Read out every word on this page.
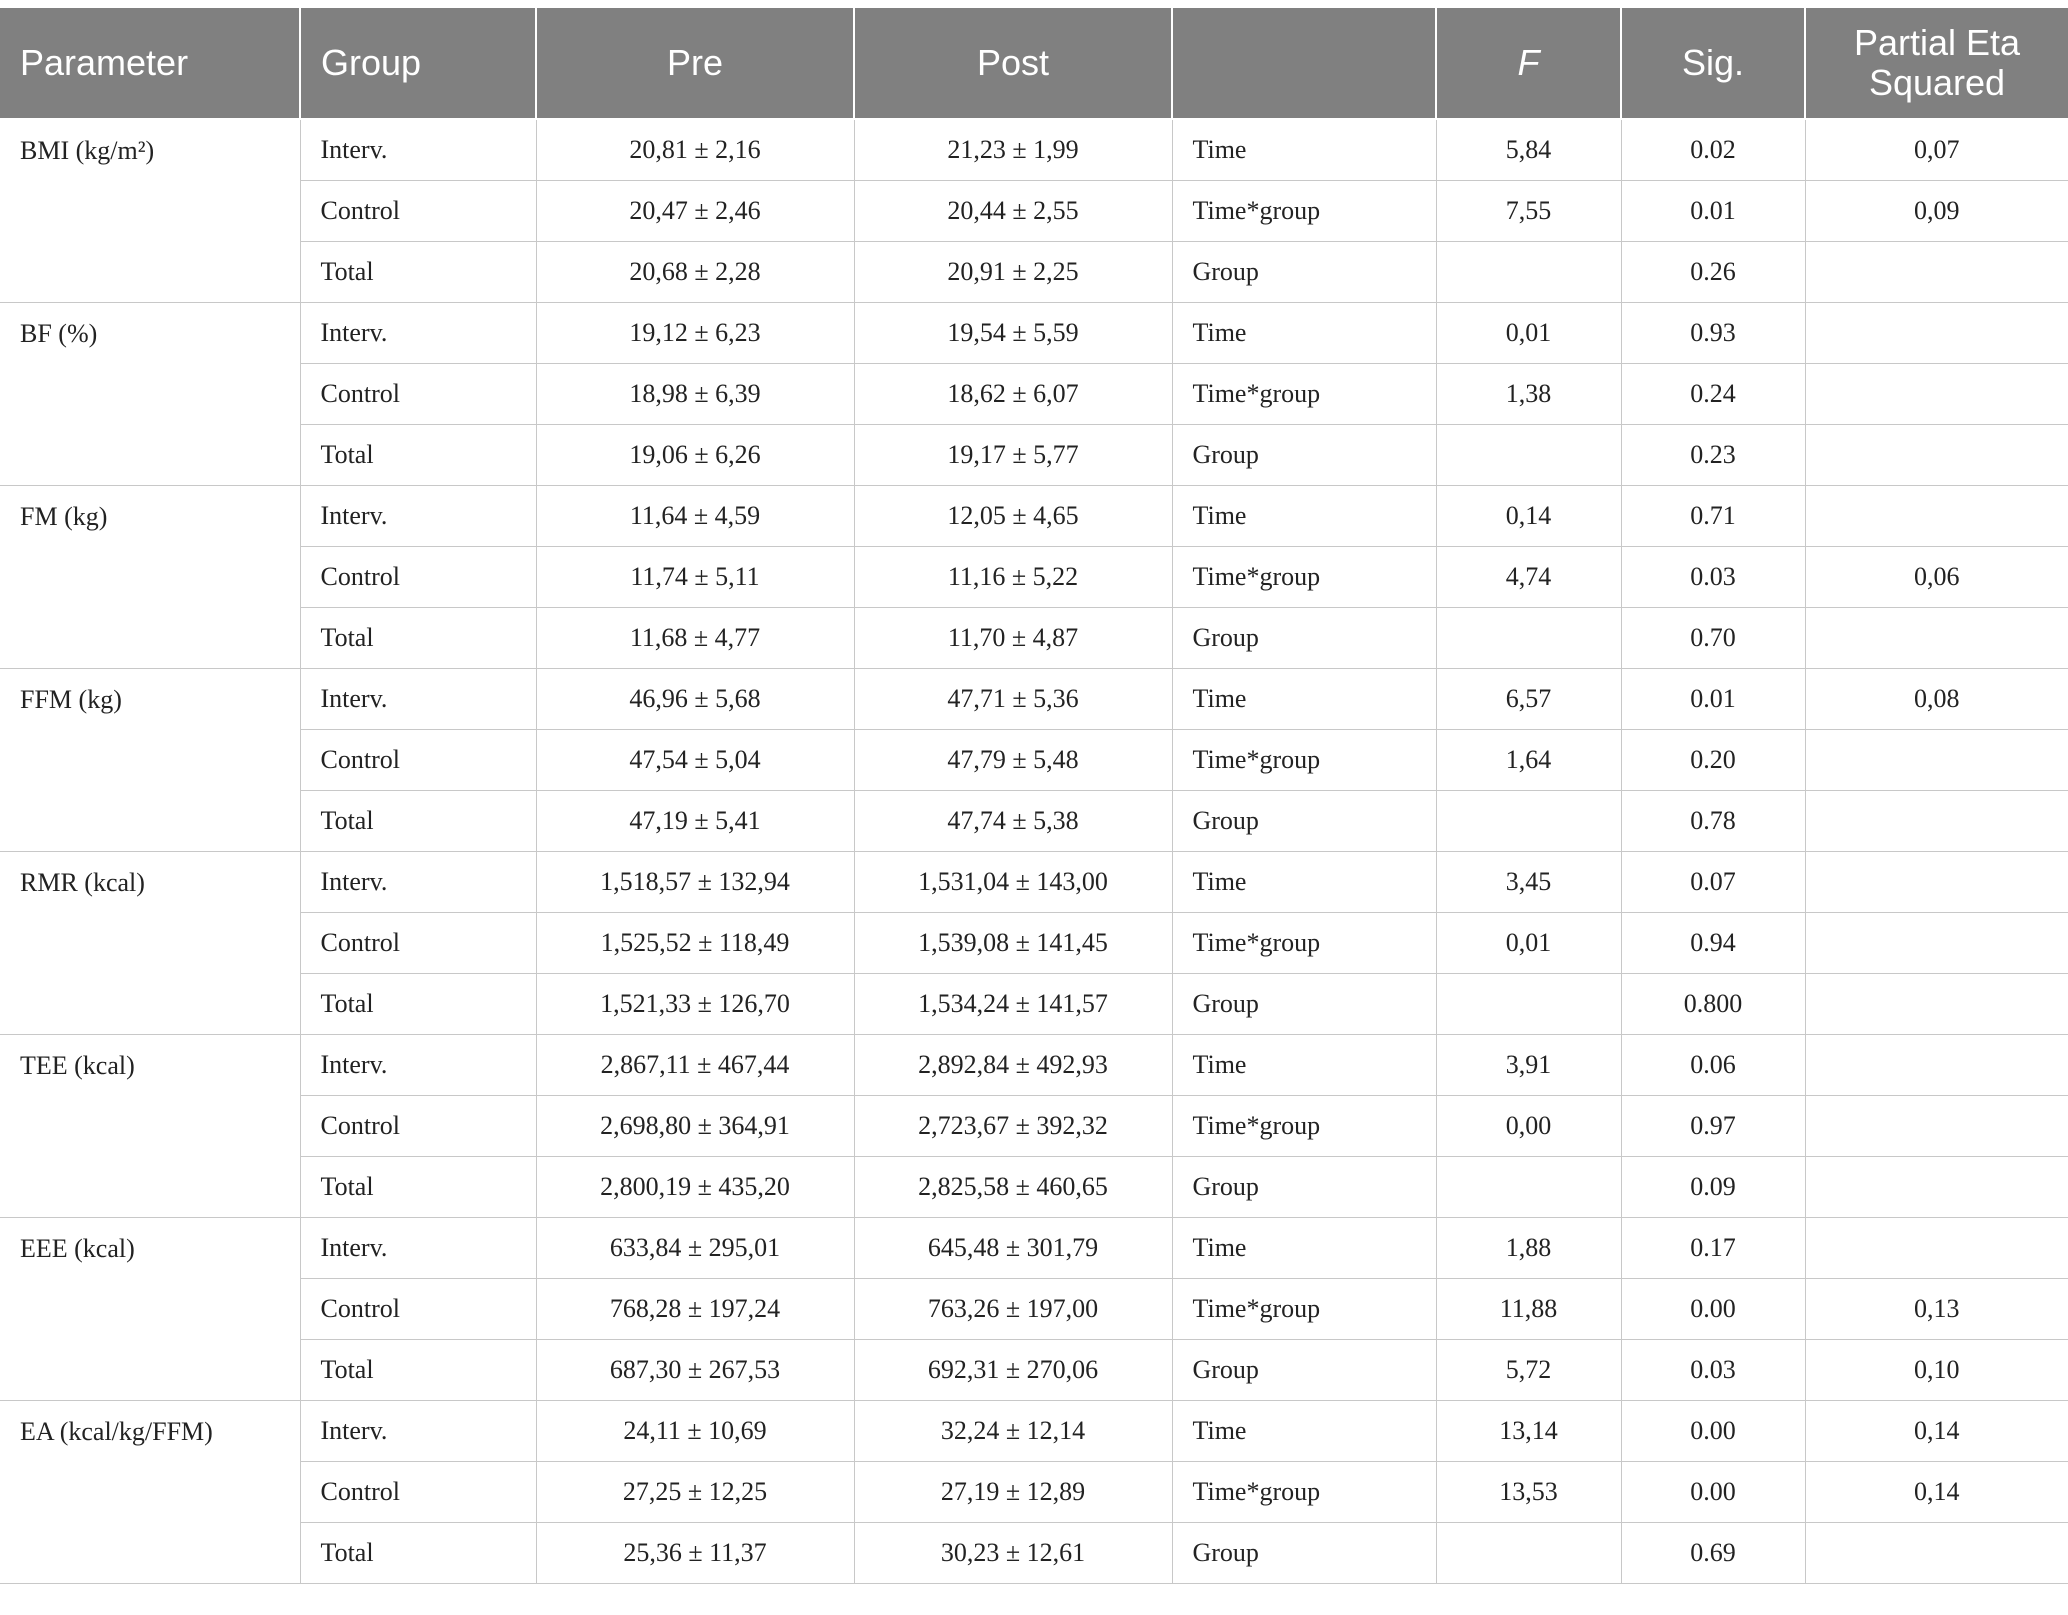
Parameter	Group	Pre	Post		F	Sig.	Partial Eta Squared
BMI (kg/m²)	Interv.	20,81 ± 2,16	21,23 ± 1,99	Time	5,84	0.02	0,07
	Control	20,47 ± 2,46	20,44 ± 2,55	Time*group	7,55	0.01	0,09
	Total	20,68 ± 2,28	20,91 ± 2,25	Group		0.26	
BF (%)	Interv.	19,12 ± 6,23	19,54 ± 5,59	Time	0,01	0.93	
	Control	18,98 ± 6,39	18,62 ± 6,07	Time*group	1,38	0.24	
	Total	19,06 ± 6,26	19,17 ± 5,77	Group		0.23	
FM (kg)	Interv.	11,64 ± 4,59	12,05 ± 4,65	Time	0,14	0.71	
	Control	11,74 ± 5,11	11,16 ± 5,22	Time*group	4,74	0.03	0,06
	Total	11,68 ± 4,77	11,70 ± 4,87	Group		0.70	
FFM (kg)	Interv.	46,96 ± 5,68	47,71 ± 5,36	Time	6,57	0.01	0,08
	Control	47,54 ± 5,04	47,79 ± 5,48	Time*group	1,64	0.20	
	Total	47,19 ± 5,41	47,74 ± 5,38	Group		0.78	
RMR (kcal)	Interv.	1,518,57 ± 132,94	1,531,04 ± 143,00	Time	3,45	0.07	
	Control	1,525,52 ± 118,49	1,539,08 ± 141,45	Time*group	0,01	0.94	
	Total	1,521,33 ± 126,70	1,534,24 ± 141,57	Group		0.800	
TEE (kcal)	Interv.	2,867,11 ± 467,44	2,892,84 ± 492,93	Time	3,91	0.06	
	Control	2,698,80 ± 364,91	2,723,67 ± 392,32	Time*group	0,00	0.97	
	Total	2,800,19 ± 435,20	2,825,58 ± 460,65	Group		0.09	
EEE (kcal)	Interv.	633,84 ± 295,01	645,48 ± 301,79	Time	1,88	0.17	
	Control	768,28 ± 197,24	763,26 ± 197,00	Time*group	11,88	0.00	0,13
	Total	687,30 ± 267,53	692,31 ± 270,06	Group	5,72	0.03	0,10
EA (kcal/kg/FFM)	Interv.	24,11 ± 10,69	32,24 ± 12,14	Time	13,14	0.00	0,14
	Control	27,25 ± 12,25	27,19 ± 12,89	Time*group	13,53	0.00	0,14
	Total	25,36 ± 11,37	30,23 ± 12,61	Group		0.69	
